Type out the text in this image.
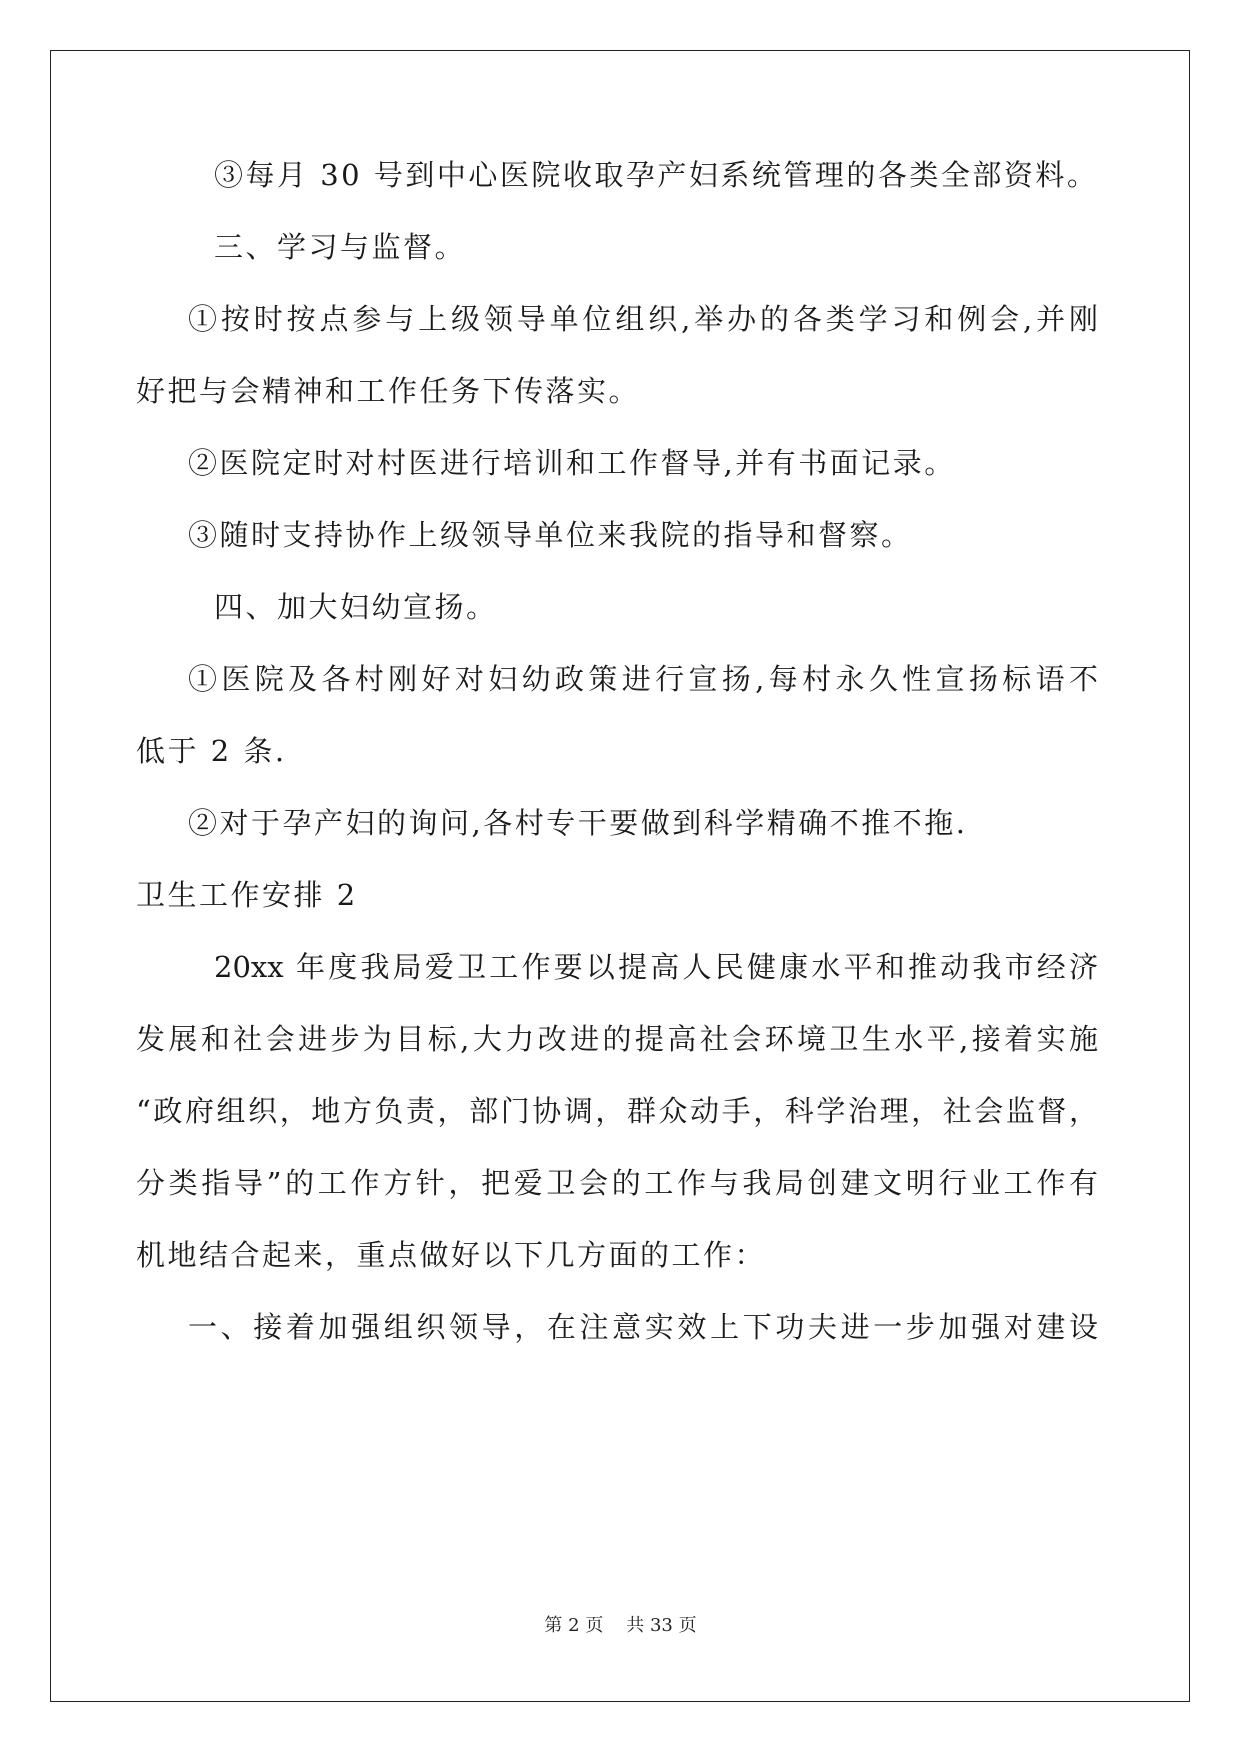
③每月 30 号到中心医院收取孕产妇系统管理的各类全部资料。
三、学习与监督。
①按时按点参与上级领导单位组织,举办的各类学习和例会,并刚
好把与会精神和工作任务下传落实。
②医院定时对村医进行培训和工作督导,并有书面记录。
③随时支持协作上级领导单位来我院的指导和督察。
四、加大妇幼宣扬。
①医院及各村刚好对妇幼政策进行宣扬,每村永久性宣扬标语不
低于 2 条.
②对于孕产妇的询问,各村专干要做到科学精确不推不拖.
卫生工作安排 2
20xx 年度我局爱卫工作要以提高人民健康水平和推动我市经济
发展和社会进步为目标,大力改进的提高社会环境卫生水平,接着实施
“政府组织，地方负责，部门协调，群众动手，科学治理，社会监督，
分类指导”的工作方针，把爱卫会的工作与我局创建文明行业工作有
机地结合起来，重点做好以下几方面的工作：
一、接着加强组织领导，在注意实效上下功夫进一步加强对建设
第 2 页 共 33 页
